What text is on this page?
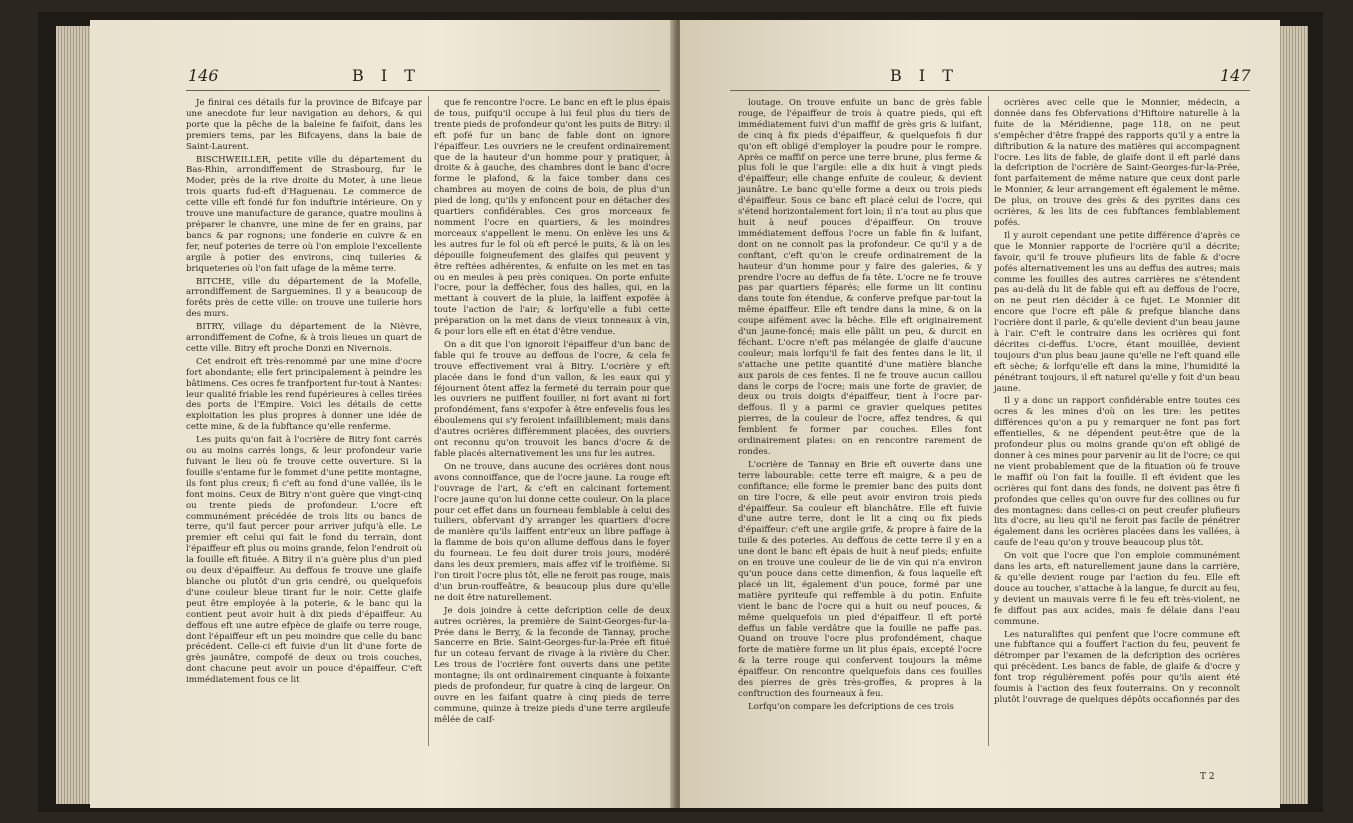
146	B I T

Je finirai ces détails fur la province de Bifcaye par une anecdote fur leur navigation au dehors, & qui porte que la pêche de la baleine fe faifoit, dans les premiers tems, par les Bifcayens, dans la baie de Saint-Laurent.

BISCHWEILLER, petite ville du département du Bas-Rhin, arrondiffement de Strasbourg, fur le Moder, près de la rive droite du Moter, à une lieue trois quarts fud-eft d'Haguenau. Le commerce de cette ville eft fondé fur fon induftrie intérieure. On y trouve une manufacture de garance, quatre moulins à préparer le chanvre, une mine de fer en grains, par bancs & par rognons; une fonderie en cuivre & en fer, neuf poteries de terre où l'on emploie l'excellente argile à potier des environs, cinq tuileries & briqueteries où l'on fait ufage de la même terre.

BITCHE, ville du département de la Mofelle, arrondiffement de Sarguemines. Il y a beaucoup de forêts près de cette ville: on trouve une tuilerie hors des murs.

BITRY, village du département de la Nièvre, arrondiffement de Cofne, & à trois lieues un quart de cette ville. Bitry eft proche Donzi en Nivernois.

Cet endroit eft très-renommé par une mine d'ocre fort abondante; elle fert principalement à peindre les bâtimens. Ces ocres fe tranfportent fur-tout à Nantes: leur qualité friable les rend fupérieures à celles tirées des ports de l'Empire. Voici les détails de cette exploitation les plus propres à donner une idée de cette mine, & de la fubftance qu'elle renferme.

Les puits qu'on fait à l'ocrière de Bitry font carrés ou au moins carrés longs, & leur profondeur varie fuivant le lieu où fe trouve cette ouverture. Si la fouille s'entame fur le fommet d'une petite montagne, ils font plus creux; fi c'eft au fond d'une vallée, ils le font moins. Ceux de Bitry n'ont guère que vingt-cinq ou trente pieds de profondeur. L'ocre eft communément précédée de trois lits ou bancs de terre, qu'il faut percer pour arriver jufqu'à elle. Le premier eft celui qui fait le fond du terrain, dont l'épaiffeur eft plus ou moins grande, felon l'endroit où la fouille eft fituée. A Bitry il n'a guère plus d'un pied ou deux d'épaiffeur. Au deffous fe trouve une glaife blanche ou plutôt d'un gris cendré, ou quelquefois d'une couleur bleue tirant fur le noir. Cette glaife peut être employée à la poterie, & le banc qui la contient peut avoir huit à dix pieds d'épaiffeur. Au deffous eft une autre efpèce de glaife ou terre rouge, dont l'épaiffeur eft un peu moindre que celle du banc précédent. Celle-ci eft fuivie d'un lit d'une forte de grès jaunâtre, compofé de deux ou trois couches, dont chacune peut avoir un pouce d'épaiffeur. C'eft immédiatement fous ce lit

que fe rencontre l'ocre. Le banc en eft le plus épais de tous, puifqu'il occupe à lui feul plus du tiers de trente pieds de profondeur qu'ont les puits de Bitry: il eft pofé fur un banc de fable dont on ignore l'épaiffeur. Les ouvriers ne le creufent ordinairement que de la hauteur d'un homme pour y pratiquer, à droite & à gauche, des chambres dont le banc d'ocre forme le plafond, & la faice tomber dans ces chambres au moyen de coins de bois, de plus d'un pied de long, qu'ils y enfoncent pour en détacher des quartiers confidérables. Ces gros morceaux fe nomment l'ocre en quartiers, & les moindres morceaux s'appellent le menu. On enlève les uns & les autres fur le fol où eft percé le puits, & là on les dépouille foigneufement des glaifes qui peuvent y être reftées adhérentes, & enfuite on les met en tas ou en meules à peu près coniques. On porte enfuite l'ocre, pour la deffécher, fous des halles, qui, en la mettant à couvert de la pluie, la laiffent expofée à toute l'action de l'air; & lorfqu'elle a fubi cette préparation on la met dans de vieux tonneaux à vin, & pour lors elle eft en état d'être vendue.

On a dit que l'on ignoroit l'épaiffeur d'un banc de fable qui fe trouve au deffous de l'ocre, & cela fe trouve effectivement vrai à Bitry. L'ocrière y eft placée dans le fond d'un vallon, & les eaux qui y féjournent ôtent affez la fermeté du terrain pour que les ouvriers ne puiffent fouiller, ni fort avant ni fort profondément, fans s'expofer à être enfevelis fous les éboulemens qui s'y feroient infailliblement; mais dans d'autres ocrières différemment placées, des ouvriers ont reconnu qu'on trouvoit les bancs d'ocre & de fable placés alternativement les uns fur les autres.

On ne trouve, dans aucune des ocrières dont nous avons connoiffance, que de l'ocre jaune. La rouge eft l'ouvrage de l'art, & c'eft en calcinant fortement l'ocre jaune qu'on lui donne cette couleur. On la place pour cet effet dans un fourneau femblable à celui des tuiliers, obfervant d'y arranger les quartiers d'ocre de manière qu'ils laiffent entr'eux un libre paffage à la flamme de bois qu'on allume deffous dans le foyer du fourneau. Le feu doit durer trois jours, modéré dans les deux premiers, mais affez vif le troifième. Si l'on tiroit l'ocre plus tôt, elle ne feroit pas rouge, mais d'un brun-rouffeâtre, & beaucoup plus dure qu'elle ne doit être naturellement.

Je dois joindre à cette defcription celle de deux autres ocrières, la première de Saint-Georges-fur-la-Prée dans le Berry, & la feconde de Tannay, proche Sancerre en Brie. Saint-Georges-fur-la-Prée eft fitué fur un coteau fervant de rivage à la rivière du Cher. Les trous de l'ocrière font ouverts dans une petite montagne; ils ont ordinairement cinquante à foixante pieds de profondeur, fur quatre à cinq de largeur. On ouvre en les faifant quatre à cinq pieds de terre commune, quinze à treize pieds d'une terre argileufe mêlée de caif-

B I T	147

loutage. On trouve enfuite un banc de grès fable rouge, de l'épaiffeur de trois à quatre pieds, qui eft immédiatement fuivi d'un maffif de grès gris & luifant, de cinq à fix pieds d'épaiffeur, & quelquefois fi dur qu'on eft obligé d'employer la poudre pour le rompre. Après ce maffif on perce une terre brune, plus ferme & plus foli le que l'argile: elle a dix huit à vingt pieds d'épaiffeur; elle change enfuite de couleur, & devient jaunâtre. Le banc qu'elle forme a deux ou trois pieds d'épaiffeur. Sous ce banc eft placé celui de l'ocre, qui s'étend horizontalement fort loin; il n'a tout au plus que huit à neuf pouces d'épaiffeur. On trouve immédiatement deffous l'ocre un fable fin & luifant, dont on ne connoît pas la profondeur. Ce qu'il y a de conftant, c'eft qu'on le creufe ordinairement de la hauteur d'un homme pour y faire des galeries, & y prendre l'ocre au deffus de fa tête. L'ocre ne fe trouve pas par quartiers féparés; elle forme un lit continu dans toute fon étendue, & conferve prefque par-tout la même épaiffeur. Elle eft tendre dans la mine, & on la coupe aifément avec la bêche. Elle eft originairement d'un jaune-foncé; mais elle pâlit un peu, & durcit en féchant. L'ocre n'eft pas mélangée de glaife d'aucune couleur; mais lorfqu'il fe fait des fentes dans le lit, il s'attache une petite quantité d'une matière blanche aux parois de ces fentes. Il ne fe trouve aucun caillou dans le corps de l'ocre; mais une forte de gravier, de deux ou trois doigts d'épaiffeur, tient à l'ocre par-deffous. Il y a parmi ce gravier quelques petites pierres, de la couleur de l'ocre, affez tendres, & qui femblent fe former par couches. Elles font ordinairement plates: on en rencontre rarement de rondes.

L'ocrière de Tannay en Brie eft ouverte dans une terre labourable: cette terre eft maigre, & a peu de confiftance; elle forme le premier banc des puits dont on tire l'ocre, & elle peut avoir environ trois pieds d'épaiffeur. Sa couleur eft blanchâtre. Elle eft fuivie d'une autre terre, dont le lit a cinq ou fix pieds d'épaiffeur: c'eft une argile grife, & propre à faire de la tuile & des poteries. Au deffous de cette terre il y en a une dont le banc eft épais de huit à neuf pieds; enfuite on en trouve une couleur de lie de vin qui n'a environ qu'un pouce dans cette dimenfion, & fous laquelle eft placé un lit, également d'un pouce, formé par une matière pyriteufe qui reffemble à du potin. Enfuite vient le banc de l'ocre qui a huit ou neuf pouces, & même quelquefois un pied d'épaiffeur. Il eft porté deffus un fable verdâtre que la fouille ne paffe pas. Quand on trouve l'ocre plus profondément, chaque forte de matière forme un lit plus épais, excepté l'ocre & la terre rouge qui confervent toujours la même épaiffeur. On rencontre quelquefois dans ces fouilles des pierres de grès très-groffes, & propres à la conftruction des fourneaux à feu.

Lorfqu'on compare les defcriptions de ces trois

ocrières avec celle que le Monnier, médecin, a donnée dans fes Obfervations d'Hiftoire naturelle à la fuite de la Méridienne, page 118, on ne peut s'empêcher d'être frappé des rapports qu'il y a entre la diftribution & la nature des matières qui accompagnent l'ocre. Les lits de fable, de glaife dont il eft parlé dans la defcription de l'ocrière de Saint-Georges-fur-la-Prée, font parfaitement de même nature que ceux dont parle le Monnier, & leur arrangement eft également le même. De plus, on trouve des grès & des pyrites dans ces ocrières, & les lits de ces fubftances femblablement pofés.

Il y auroit cependant une petite différence d'après ce que le Monnier rapporte de l'ocrière qu'il a décrite; favoir, qu'il fe trouve plufieurs lits de fable & d'ocre pofés alternativement les uns au deffus des autres; mais comme les fouilles des autres carrières ne s'étendent pas au-delà du lit de fable qui eft au deffous de l'ocre, on ne peut rien décider à ce fujet. Le Monnier dit encore que l'ocre eft pâle & prefque blanche dans l'ocrière dont il parle, & qu'elle devient d'un beau jaune à l'air. C'eft le contraire dans les ocrières qui font décrites ci-deffus. L'ocre, étant mouillée, devient toujours d'un plus beau jaune qu'elle ne l'eft quand elle eft sèche; & lorfqu'elle eft dans la mine, l'humidité la pénétrant toujours, il eft naturel qu'elle y foit d'un beau jaune.

Il y a donc un rapport confidérable entre toutes ces ocres & les mines d'où on les tire: les petites différences qu'on a pu y remarquer ne font pas fort effentielles, & ne dépendent peut-être que de la profondeur plus ou moins grande qu'on eft obligé de donner à ces mines pour parvenir au lit de l'ocre; ce qui ne vient probablement que de la fituation où fe trouve le maffif où l'on fait la fouille. Il eft évident que les ocrières qui font dans des fonds, ne doivent pas être fi profondes que celles qu'on ouvre fur des collines ou fur des montagnes: dans celles-ci on peut creufer plufieurs lits d'ocre, au lieu qu'il ne feroit pas facile de pénétrer également dans les ocrières placées dans les vallées, à caufe de l'eau qu'on y trouve beaucoup plus tôt.

On voit que l'ocre que l'on emploie communément dans les arts, eft naturellement jaune dans la carrière, & qu'elle devient rouge par l'action du feu. Elle eft douce au toucher, s'attache à la langue, fe durcit au feu, y devient un mauvais verre fi le feu eft très-violent, ne fe diffout pas aux acides, mais fe délaie dans l'eau commune.

Les naturaliftes qui penfent que l'ocre commune eft une fubftance qui a fouffert l'action du feu, peuvent fe détromper par l'examen de la defcription des ocrières qui précèdent. Les bancs de fable, de glaife & d'ocre y font trop régulièrement pofés pour qu'ils aient été foumis à l'action des feux fouterrains. On y reconnoît plutôt l'ouvrage de quelques dépôts occafionnés par des

T 2
